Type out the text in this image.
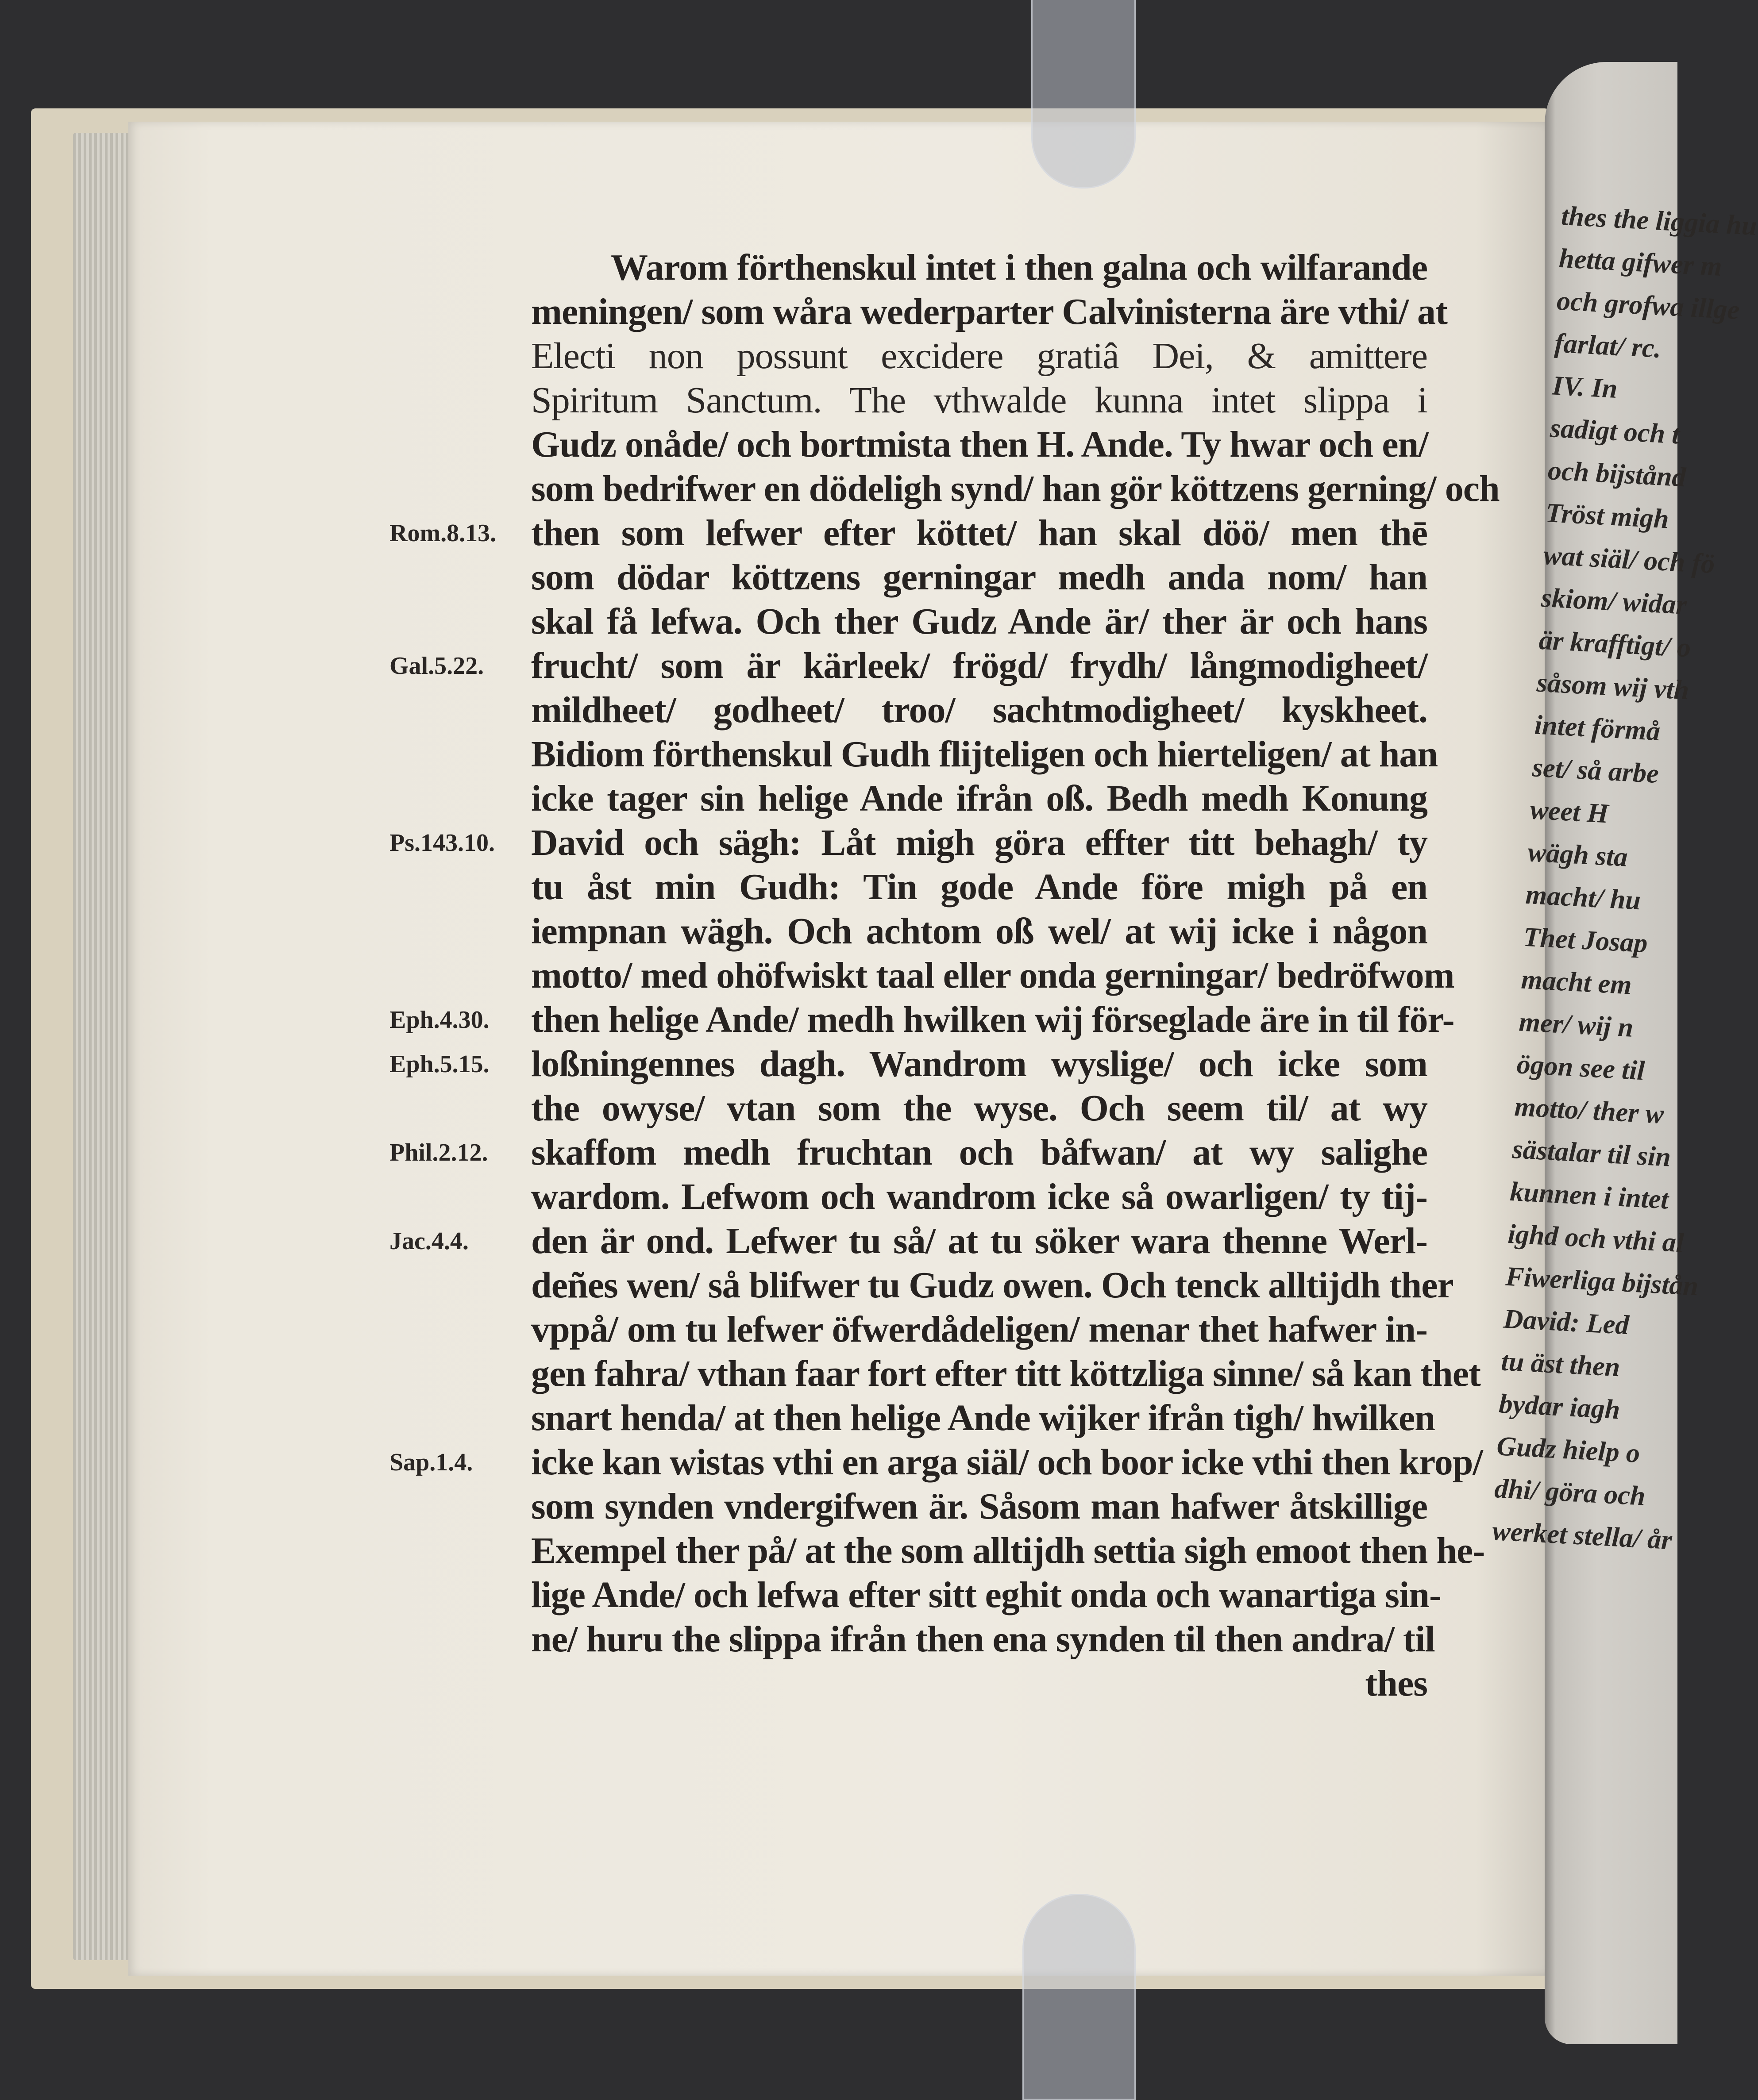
thes the liggia hu
hetta gifwer m
och grofwa illge
farlat/ rc.
IV. In
sadigt och t
och bijstånd
Tröst migh
wat siäl/ och fö
skiom/ widar
är krafftigt/ o
såsom wij vth
intet förmå
set/ så arbe
weet H
wägh sta
macht/ hu
Thet Josap
macht em
mer/ wij n
ögon see til
motto/ ther w
sästalar til sin
kunnen i intet
ighd och vthi al
Fiwerliga bijstån
David: Led
tu äst then
bydar iagh
Gudz hielp o
dhi/ göra och
werket stella/ år
Warom förthenskul intet i then galna och wilfarande
meningen/ som wåra wederparter Calvinisterna äre vthi/ at
Electi non possunt excidere gratiâ Dei, & amittere
Spiritum Sanctum. The vthwalde kunna intet slippa i
Gudz onåde/ och bortmista then H. Ande. Ty hwar och en/
som bedrifwer en dödeligh synd/ han gör köttzens gerning/ och
then som lefwer efter köttet/ han skal döö/ men thē
som dödar köttzens gerningar medh anda nom/ han
skal få lefwa. Och ther Gudz Ande är/ ther är och hans
frucht/ som är kärleek/ frögd/ frydh/ långmodigheet/
mildheet/ godheet/ troo/ sachtmodigheet/ kyskheet.
Bidiom förthenskul Gudh flijteligen och hierteligen/ at han
icke tager sin helige Ande ifrån oß. Bedh medh Konung
David och sägh: Låt migh göra effter titt behagh/ ty
tu åst min Gudh: Tin gode Ande före migh på en
iempnan wägh. Och achtom oß wel/ at wij icke i någon
motto/ med ohöfwiskt taal eller onda gerningar/ bedröfwom
then helige Ande/ medh hwilken wij förseglade äre in til för-
loßningennes dagh. Wandrom wyslige/ och icke som
the owyse/ vtan som the wyse. Och seem til/ at wy
skaffom medh fruchtan och båfwan/ at wy salighe
wardom. Lefwom och wandrom icke så owarligen/ ty tij-
den är ond. Lefwer tu så/ at tu söker wara thenne Werl-
deñes wen/ så blifwer tu Gudz owen. Och tenck alltijdh ther
vppå/ om tu lefwer öfwerdådeligen/ menar thet hafwer in-
gen fahra/ vthan faar fort efter titt köttzliga sinne/ så kan thet
snart henda/ at then helige Ande wijker ifrån tigh/ hwilken
icke kan wistas vthi en arga siäl/ och boor icke vthi then krop/
som synden vndergifwen är. Såsom man hafwer åtskillige
Exempel ther på/ at the som alltijdh settia sigh emoot then he-
lige Ande/ och lefwa efter sitt eghit onda och wanartiga sin-
ne/ huru the slippa ifrån then ena synden til then andra/ til
thes
Rom.8.13.
Gal.5.22.
Ps.143.10.
Eph.4.30.
Eph.5.15.
Phil.2.12.
Jac.4.4.
Sap.1.4.
